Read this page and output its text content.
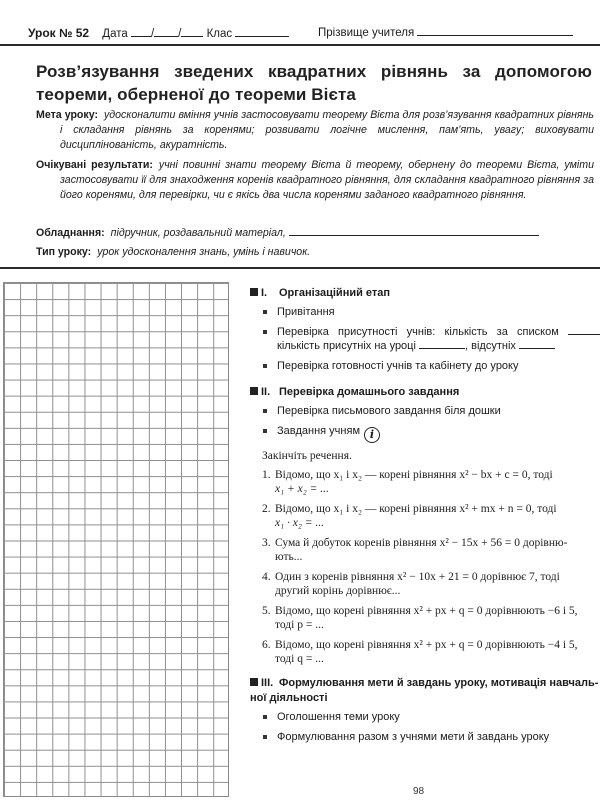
Урок № 52 Дата / / Клас	Прізвище учителя
Розв’язування зведених квадратних рівнянь за допомогою теореми, оберненої до теореми Вієта
Мета уроку: удосконалити вміння учнів застосовувати теорему Вієта для розв’язування квадратних рівнянь і складання рівнянь за коренями; розвивати логічне мислення, пам’ять, увагу; виховувати дисциплінованість, акуратність.
Очікувані результати: учні повинні знати теорему Вієта й теорему, обернену до теореми Вієта, уміти застосовувати її для знаходження коренів квадратного рівняння, для складання квадратного рівняння за його коренями, для перевірки, чи є якісь два числа коренями заданого квадратного рівняння.
Обладнання: підручник, роздавальний матеріал,
Тип уроку: урок удосконалення знань, умінь і навичок.
I. Організаційний етап
Привітання
Перевірка присутності учнів: кількість за списком  кількість присутніх на уроці	, відсутніх
Перевірка готовності учнів та кабінету до уроку
II. Перевірка домашнього завдання
Перевірка письмового завдання біля дошки
Завдання учням i
Закінчіть речення.
1. Відомо, що x₁ і x₂ — корені рівняння x² − bx + c = 0, тоді
x₁ + x₂ = ...
2. Відомо, що x₁ і x₂ — корені рівняння x² + mx + n = 0, тоді
x₁ · x₂ = ...
3. Сума й добуток коренів рівняння x² − 15x + 56 = 0 дорівню-
ють...
4. Один з коренів рівняння x² − 10x + 21 = 0 дорівнює 7, тоді
другий корінь дорівнює...
5. Відомо, що корені рівняння x² + px + q = 0 дорівнюють −6 і 5,
тоді p = ...
6. Відомо, що корені рівняння x² + px + q = 0 дорівнюють −4 і 5,
тоді q = ...
III. Формулювання мети й завдань уроку, мотивація навчаль-
ної діяльності
Оголошення теми уроку
Формулювання разом з учнями мети й завдань уроку
98
